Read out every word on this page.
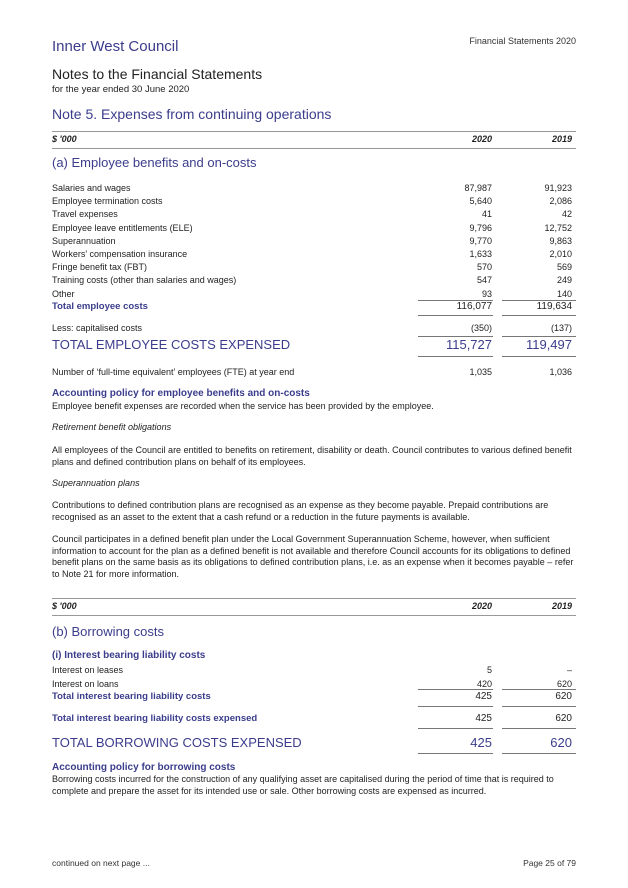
Financial Statements 2020
Inner West Council
Notes to the Financial Statements
for the year ended 30 June 2020
Note 5. Expenses from continuing operations
$ '000	2020	2019
(a) Employee benefits and on-costs
Salaries and wages	87,987	91,923
Employee termination costs	5,640	2,086
Travel expenses	41	42
Employee leave entitlements (ELE)	9,796	12,752
Superannuation	9,770	9,863
Workers' compensation insurance	1,633	2,010
Fringe benefit tax (FBT)	570	569
Training costs (other than salaries and wages)	547	249
Other	93	140
Total employee costs	116,077	119,634
Less: capitalised costs	(350)	(137)
TOTAL EMPLOYEE COSTS EXPENSED	115,727	119,497
Number of ‘full-time equivalent’ employees (FTE) at year end	1,035	1,036
Accounting policy for employee benefits and on-costs
Employee benefit expenses are recorded when the service has been provided by the employee.
Retirement benefit obligations
All employees of the Council are entitled to benefits on retirement, disability or death. Council contributes to various defined benefit plans and defined contribution plans on behalf of its employees.
Superannuation plans
Contributions to defined contribution plans are recognised as an expense as they become payable. Prepaid contributions are recognised as an asset to the extent that a cash refund or a reduction in the future payments is available.
Council participates in a defined benefit plan under the Local Government Superannuation Scheme, however, when sufficient information to account for the plan as a defined benefit is not available and therefore Council accounts for its obligations to defined benefit plans on the same basis as its obligations to defined contribution plans, i.e. as an expense when it becomes payable – refer to Note 21 for more information.
$ '000	2020	2019
(b) Borrowing costs
(i) Interest bearing liability costs
Interest on leases	5	–
Interest on loans	420	620
Total interest bearing liability costs	425	620
Total interest bearing liability costs expensed	425	620
TOTAL BORROWING COSTS EXPENSED	425	620
Accounting policy for borrowing costs
Borrowing costs incurred for the construction of any qualifying asset are capitalised during the period of time that is required to complete and prepare the asset for its intended use or sale. Other borrowing costs are expensed as incurred.
continued on next page ...	Page 25 of 79
